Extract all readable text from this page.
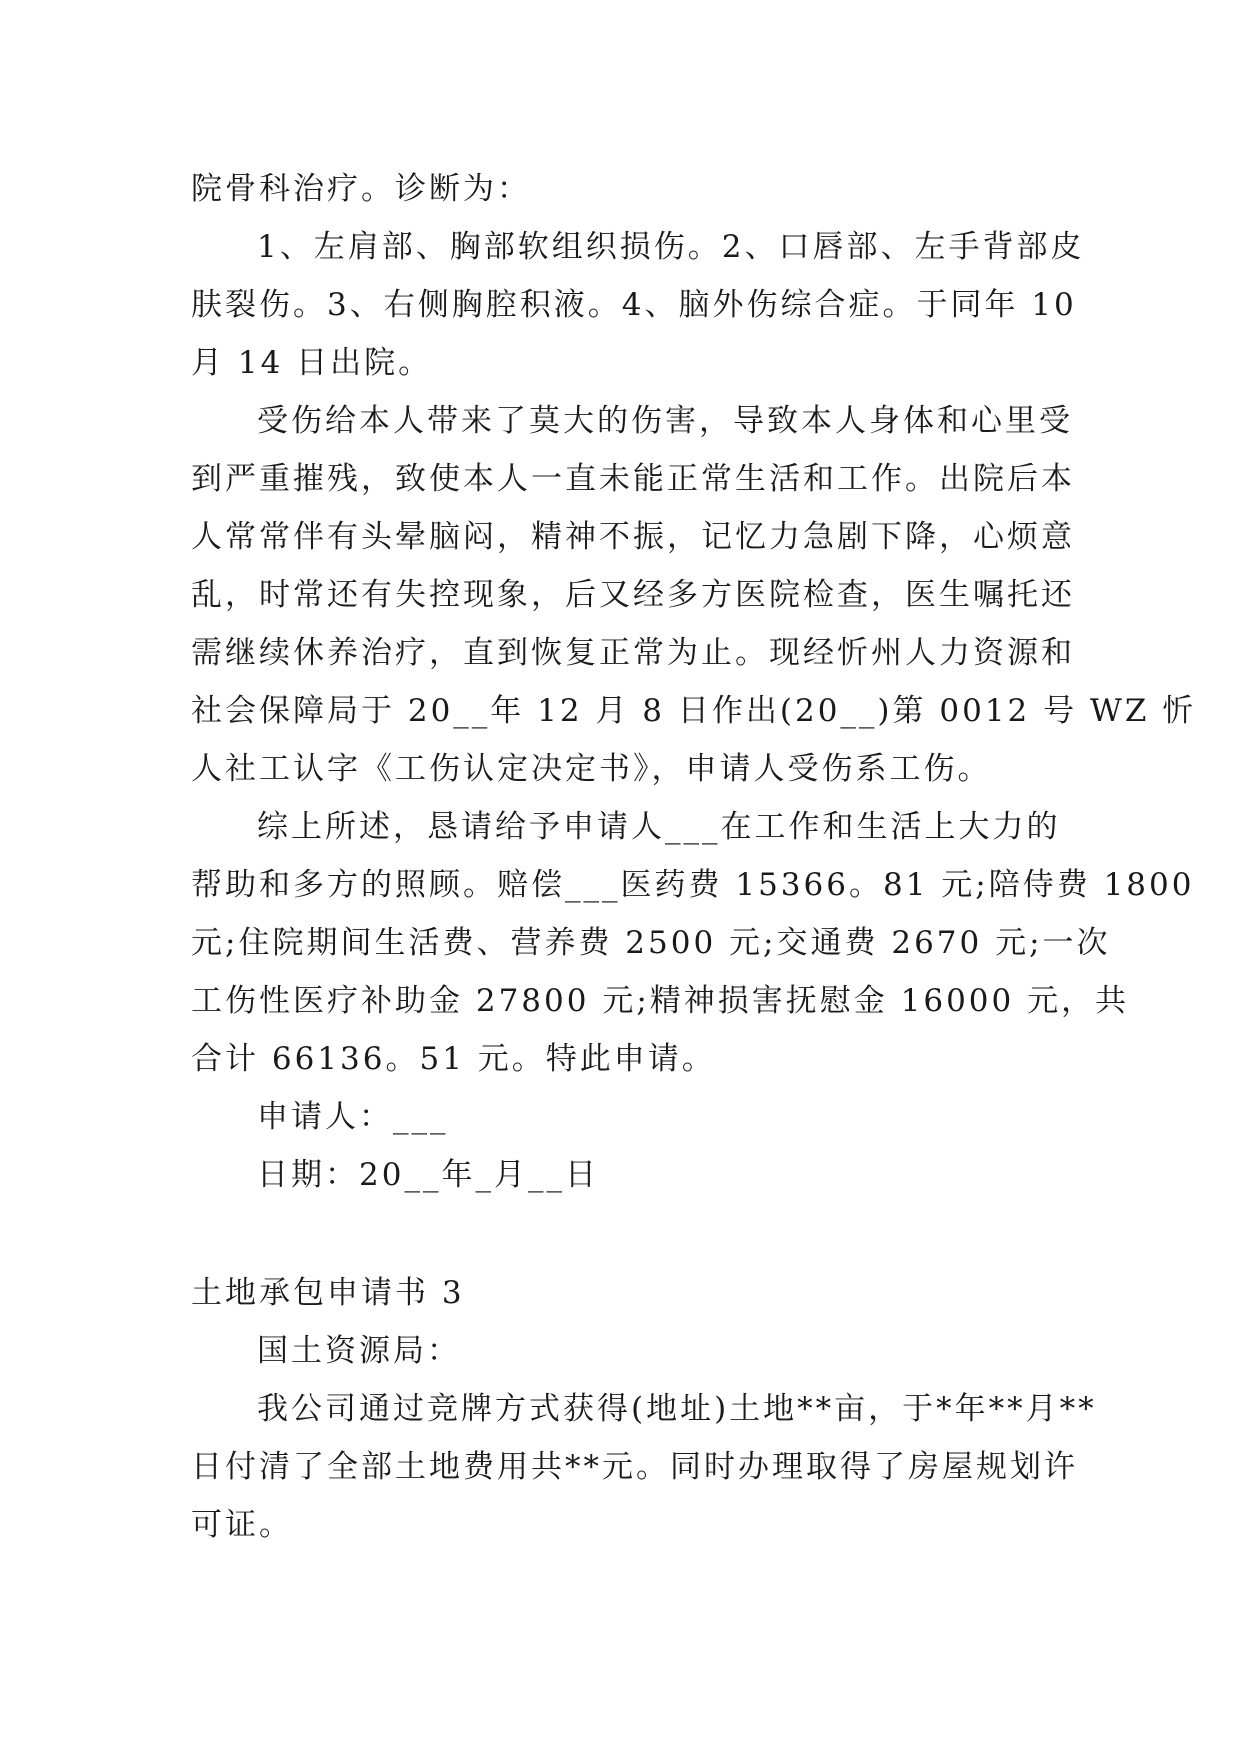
院骨科治疗。诊断为：
1、左肩部、胸部软组织损伤。2、口唇部、左手背部皮
肤裂伤。3、右侧胸腔积液。4、脑外伤综合症。于同年 10
月 14 日出院。
受伤给本人带来了莫大的伤害，导致本人身体和心里受
到严重摧残，致使本人一直未能正常生活和工作。出院后本
人常常伴有头晕脑闷，精神不振，记忆力急剧下降，心烦意
乱，时常还有失控现象，后又经多方医院检查，医生嘱托还
需继续休养治疗，直到恢复正常为止。现经忻州人力资源和
社会保障局于 20__年 12 月 8 日作出(20__)第 0012 号 WZ 忻
人社工认字《工伤认定决定书》，申请人受伤系工伤。
综上所述，恳请给予申请人___在工作和生活上大力的
帮助和多方的照顾。赔偿___医药费 15366。81 元;陪侍费 1800
元;住院期间生活费、营养费 2500 元;交通费 2670 元;一次
工伤性医疗补助金 27800 元;精神损害抚慰金 16000 元，共
合计 66136。51 元。特此申请。
申请人：___
日期：20__年_月__日
土地承包申请书 3
国土资源局：
我公司通过竞牌方式获得(地址)土地**亩，于*年**月**
日付清了全部土地费用共**元。同时办理取得了房屋规划许
可证。
